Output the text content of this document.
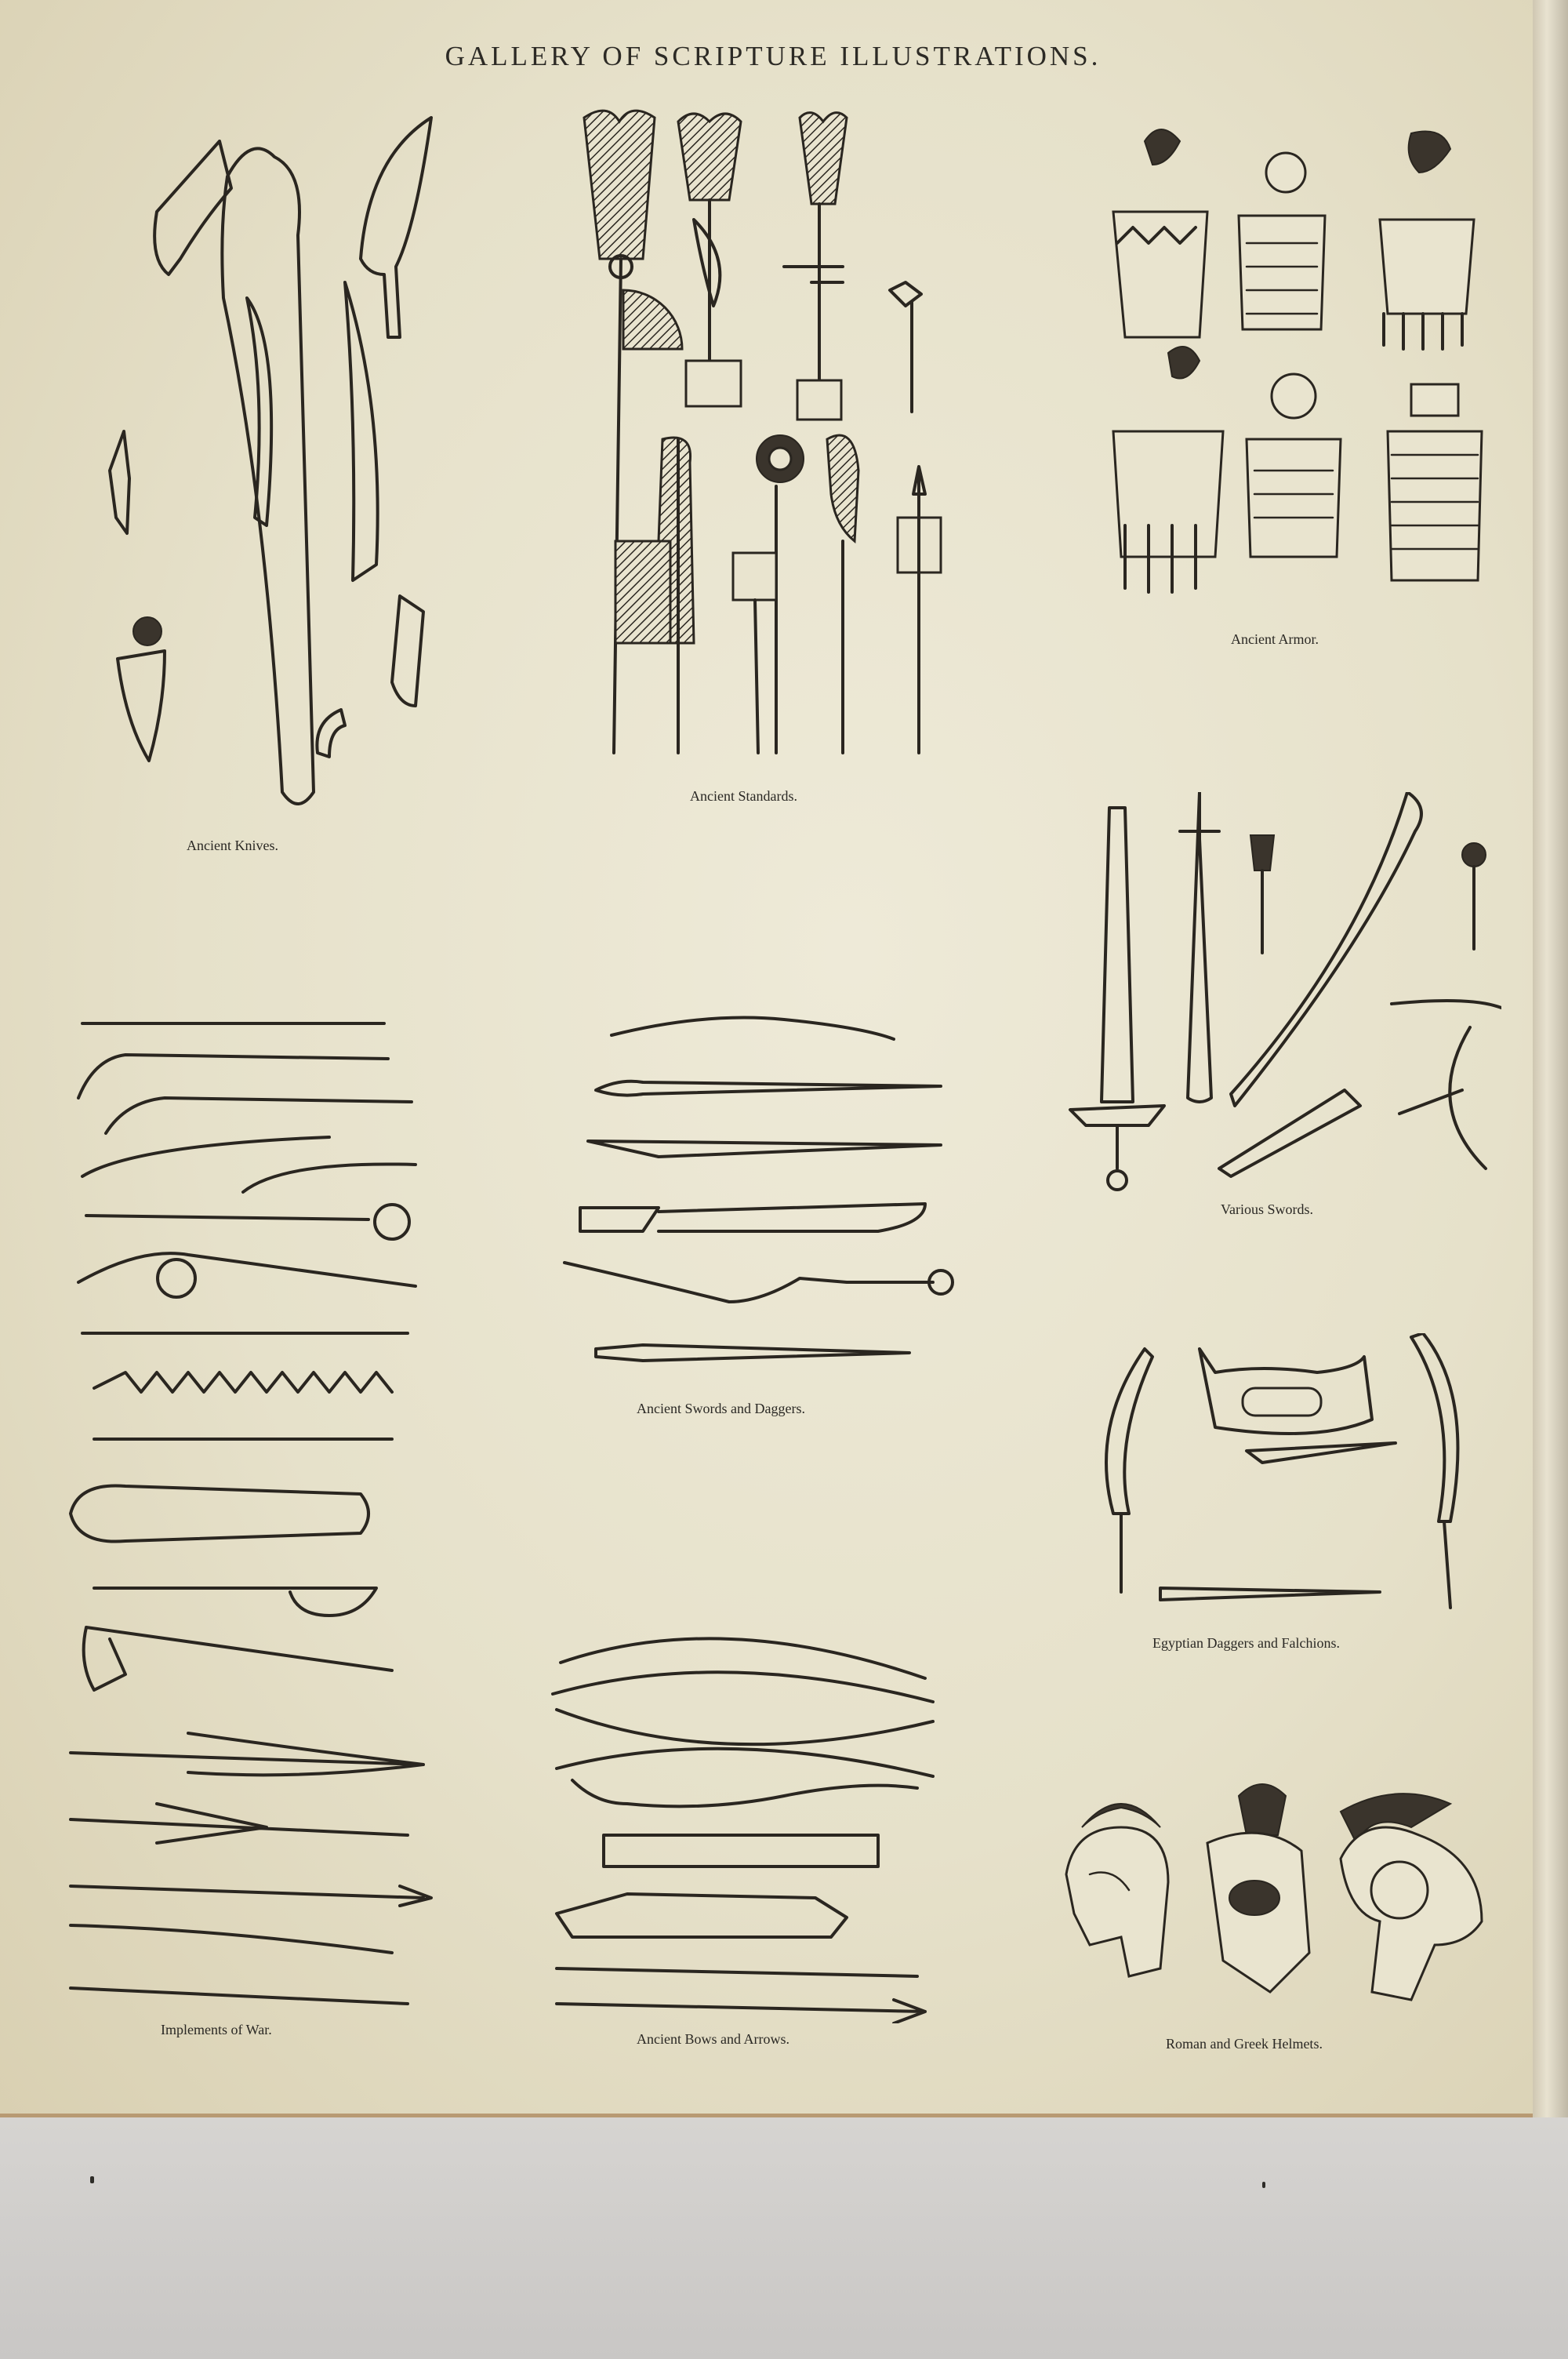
GALLERY OF SCRIPTURE ILLUSTRATIONS.
Ancient Knives.
Ancient Standards.
Ancient Armor.
Various Swords.
Implements of War.
Ancient Swords and Daggers.
Egyptian Daggers and Falchions.
Ancient Bows and Arrows.	Roman and Greek Helmets.
